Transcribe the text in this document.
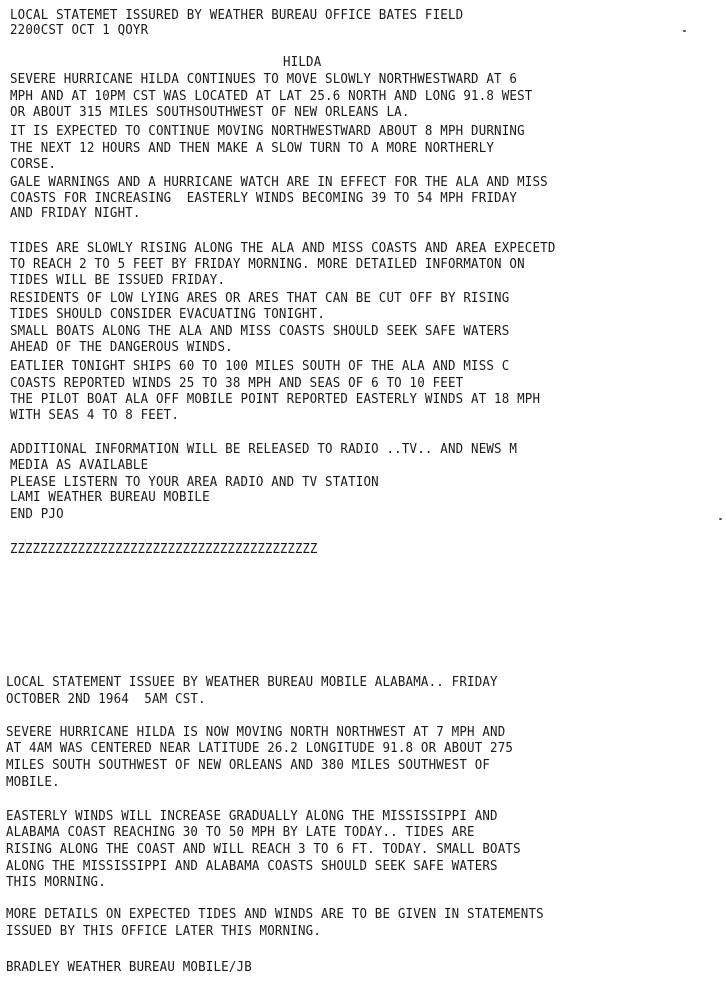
LOCAL STATEMET ISSURED BY WEATHER BUREAU OFFICE BATES FIELD
2200CST OCT 1 QOYR
HILDA
SEVERE HURRICANE HILDA CONTINUES TO MOVE SLOWLY NORTHWESTWARD AT 6
MPH AND AT 10PM CST WAS LOCATED AT LAT 25.6 NORTH AND LONG 91.8 WEST
OR ABOUT 315 MILES SOUTHSOUTHWEST OF NEW ORLEANS LA.
IT IS EXPECTED TO CONTINUE MOVING NORTHWESTWARD ABOUT 8 MPH DURNING
THE NEXT 12 HOURS AND THEN MAKE A SLOW TURN TO A MORE NORTHERLY
CORSE.
GALE WARNINGS AND A HURRICANE WATCH ARE IN EFFECT FOR THE ALA AND MISS
COASTS FOR INCREASING  EASTERLY WINDS BECOMING 39 TO 54 MPH FRIDAY
AND FRIDAY NIGHT.
TIDES ARE SLOWLY RISING ALONG THE ALA AND MISS COASTS AND AREA EXPECETD
TO REACH 2 TO 5 FEET BY FRIDAY MORNING. MORE DETAILED INFORMATON ON
TIDES WILL BE ISSUED FRIDAY.
RESIDENTS OF LOW LYING ARES OR ARES THAT CAN BE CUT OFF BY RISING
TIDES SHOULD CONSIDER EVACUATING TONIGHT.
SMALL BOATS ALONG THE ALA AND MISS COASTS SHOULD SEEK SAFE WATERS
AHEAD OF THE DANGEROUS WINDS.
EATLIER TONIGHT SHIPS 60 TO 100 MILES SOUTH OF THE ALA AND MISS C
COASTS REPORTED WINDS 25 TO 38 MPH AND SEAS OF 6 TO 10 FEET
THE PILOT BOAT ALA OFF MOBILE POINT REPORTED EASTERLY WINDS AT 18 MPH
WITH SEAS 4 TO 8 FEET.
ADDITIONAL INFORMATION WILL BE RELEASED TO RADIO ..TV.. AND NEWS M
MEDIA AS AVAILABLE
PLEASE LISTERN TO YOUR AREA RADIO AND TV STATION
LAMI WEATHER BUREAU MOBILE
END PJO
ZZZZZZZZZZZZZZZZZZZZZZZZZZZZZZZZZZZZZZZZZ
LOCAL STATEMENT ISSUEE BY WEATHER BUREAU MOBILE ALABAMA.. FRIDAY
OCTOBER 2ND 1964  5AM CST.
SEVERE HURRICANE HILDA IS NOW MOVING NORTH NORTHWEST AT 7 MPH AND
AT 4AM WAS CENTERED NEAR LATITUDE 26.2 LONGITUDE 91.8 OR ABOUT 275
MILES SOUTH SOUTHWEST OF NEW ORLEANS AND 380 MILES SOUTHWEST OF
MOBILE.
EASTERLY WINDS WILL INCREASE GRADUALLY ALONG THE MISSISSIPPI AND
ALABAMA COAST REACHING 30 TO 50 MPH BY LATE TODAY.. TIDES ARE
RISING ALONG THE COAST AND WILL REACH 3 TO 6 FT. TODAY. SMALL BOATS
ALONG THE MISSISSIPPI AND ALABAMA COASTS SHOULD SEEK SAFE WATERS
THIS MORNING.
MORE DETAILS ON EXPECTED TIDES AND WINDS ARE TO BE GIVEN IN STATEMENTS
ISSUED BY THIS OFFICE LATER THIS MORNING.
BRADLEY WEATHER BUREAU MOBILE/JB
